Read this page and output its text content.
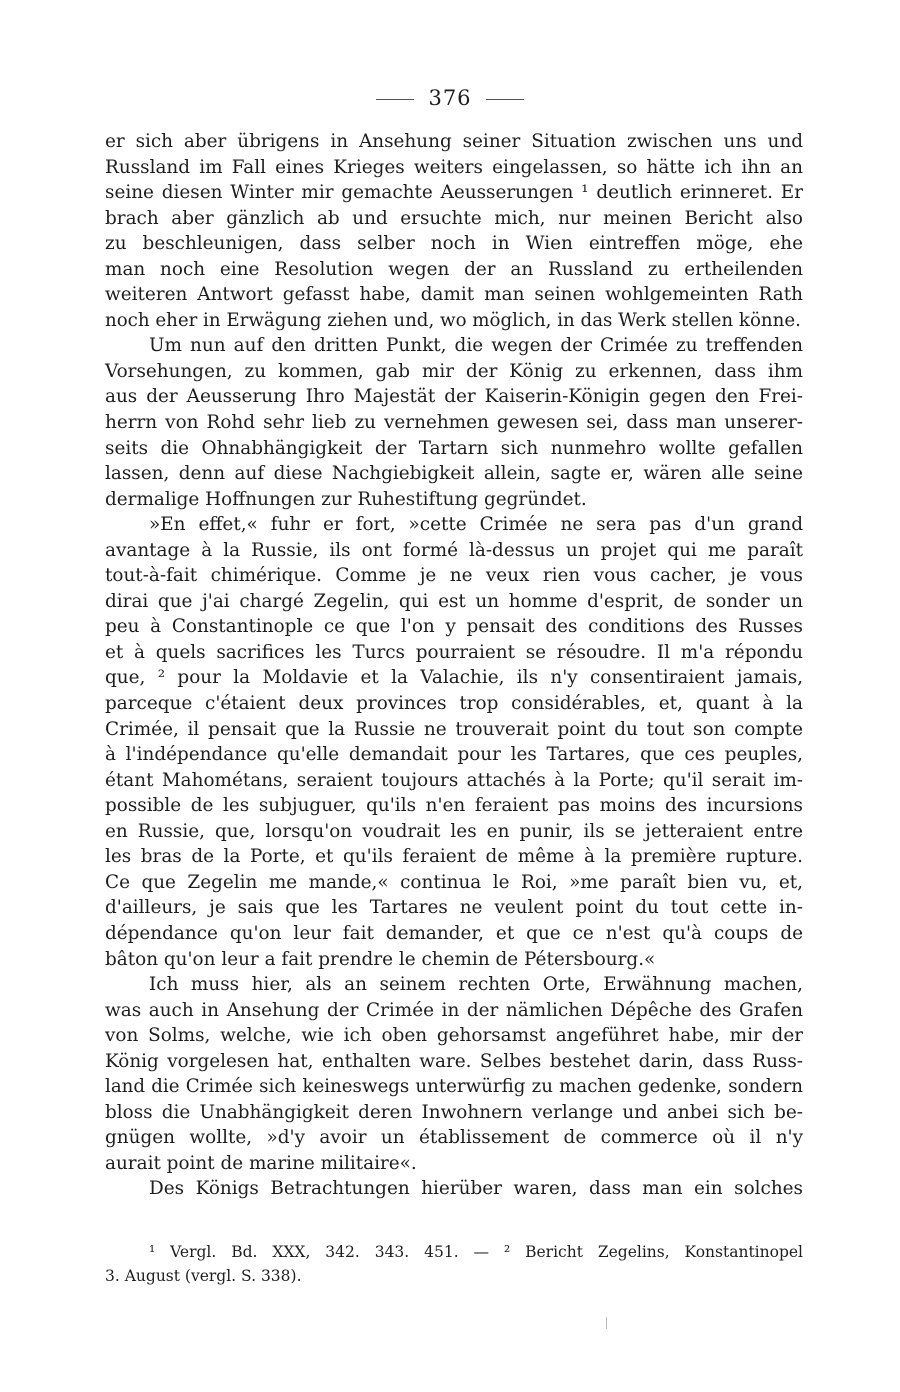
376
er sich aber übrigens in Ansehung seiner Situation zwischen uns und
Russland im Fall eines Krieges weiters eingelassen, so hätte ich ihn an
seine diesen Winter mir gemachte Aeusserungen ¹ deutlich erinneret. Er
brach aber gänzlich ab und ersuchte mich, nur meinen Bericht also
zu beschleunigen, dass selber noch in Wien eintreffen möge, ehe
man noch eine Resolution wegen der an Russland zu ertheilenden
weiteren Antwort gefasst habe, damit man seinen wohlgemeinten Rath
noch eher in Erwägung ziehen und, wo möglich, in das Werk stellen könne.
Um nun auf den dritten Punkt, die wegen der Crimée zu treffenden
Vorsehungen, zu kommen, gab mir der König zu erkennen, dass ihm
aus der Aeusserung Ihro Majestät der Kaiserin-Königin gegen den Frei-
herrn von Rohd sehr lieb zu vernehmen gewesen sei, dass man unserer-
seits die Ohnabhängigkeit der Tartarn sich nunmehro wollte gefallen
lassen, denn auf diese Nachgiebigkeit allein, sagte er, wären alle seine
dermalige Hoffnungen zur Ruhestiftung gegründet.
»En effet,« fuhr er fort, »cette Crimée ne sera pas d'un grand
avantage à la Russie, ils ont formé là-dessus un projet qui me paraît
tout-à-fait chimérique. Comme je ne veux rien vous cacher, je vous
dirai que j'ai chargé Zegelin, qui est un homme d'esprit, de sonder un
peu à Constantinople ce que l'on y pensait des conditions des Russes
et à quels sacrifices les Turcs pourraient se résoudre. Il m'a répondu
que, ² pour la Moldavie et la Valachie, ils n'y consentiraient jamais,
parceque c'étaient deux provinces trop considérables, et, quant à la
Crimée, il pensait que la Russie ne trouverait point du tout son compte
à l'indépendance qu'elle demandait pour les Tartares, que ces peuples,
étant Mahométans, seraient toujours attachés à la Porte; qu'il serait im-
possible de les subjuguer, qu'ils n'en feraient pas moins des incursions
en Russie, que, lorsqu'on voudrait les en punir, ils se jetteraient entre
les bras de la Porte, et qu'ils feraient de même à la première rupture.
Ce que Zegelin me mande,« continua le Roi, »me paraît bien vu, et,
d'ailleurs, je sais que les Tartares ne veulent point du tout cette in-
dépendance qu'on leur fait demander, et que ce n'est qu'à coups de
bâton qu'on leur a fait prendre le chemin de Pétersbourg.«
Ich muss hier, als an seinem rechten Orte, Erwähnung machen,
was auch in Ansehung der Crimée in der nämlichen Dépêche des Grafen
von Solms, welche, wie ich oben gehorsamst angeführet habe, mir der
König vorgelesen hat, enthalten ware. Selbes bestehet darin, dass Russ-
land die Crimée sich keineswegs unterwürfig zu machen gedenke, sondern
bloss die Unabhängigkeit deren Inwohnern verlange und anbei sich be-
gnügen wollte, »d'y avoir un établissement de commerce où il n'y
aurait point de marine militaire«.
Des Königs Betrachtungen hierüber waren, dass man ein solches
¹ Vergl. Bd. XXX, 342. 343. 451. — ² Bericht Zegelins, Konstantinopel
3. August (vergl. S. 338).
